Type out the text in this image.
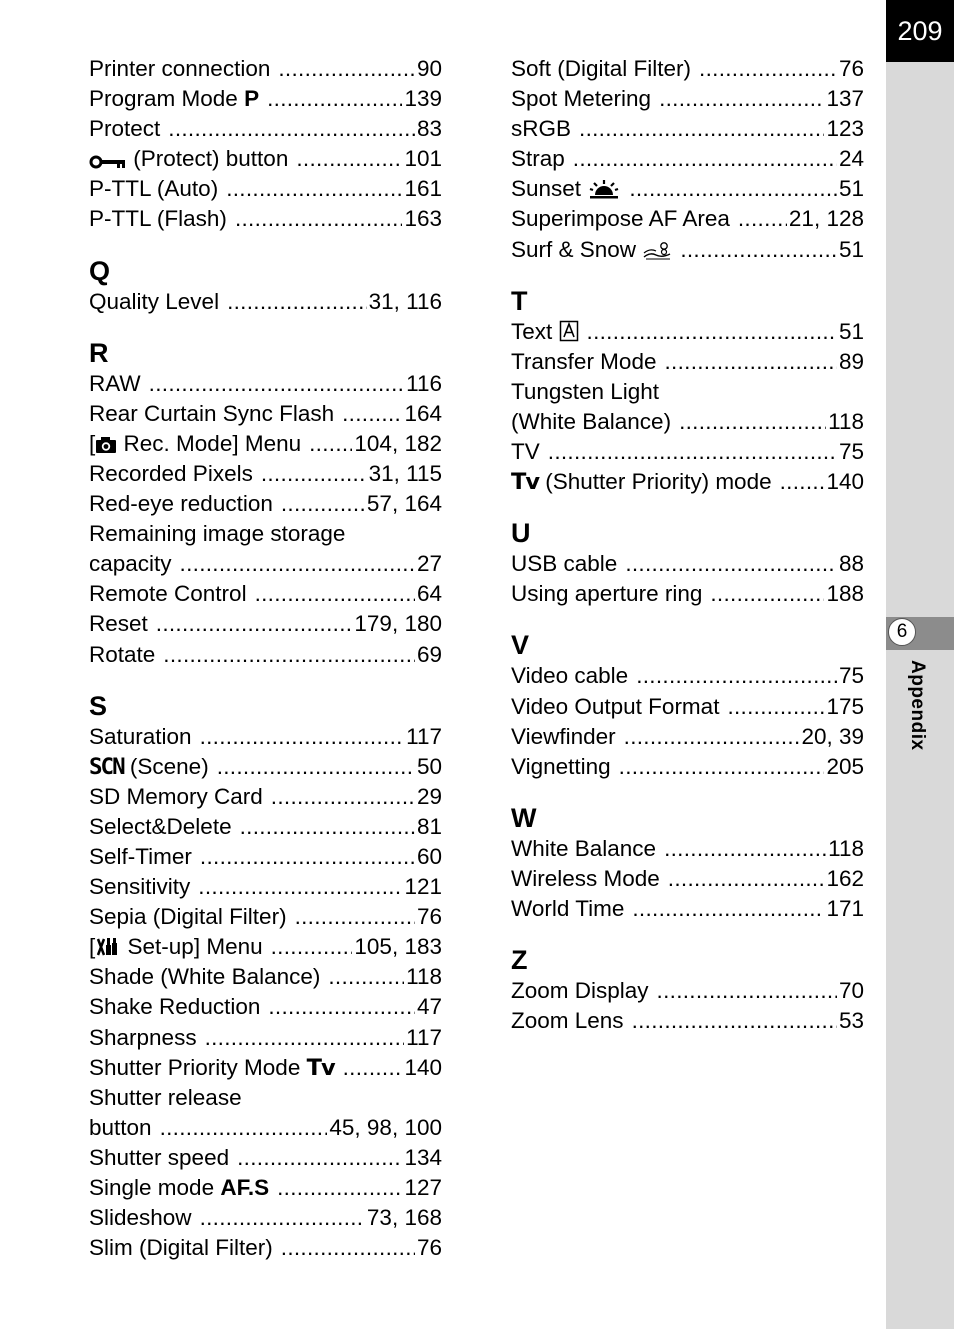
209
6
Appendix
Printer connection .....	90
Program Mode P .....	139
Protect .....	83
(Protect) button .....	101
P-TTL (Auto) .....	161
P-TTL (Flash) .....	163
Q
Quality Level .....	31, 116
R
RAW .....	116
Rear Curtain Sync Flash .....	164
[ Rec. Mode] Menu ..... 104, 182
Recorded Pixels .....	31, 115
Red-eye reduction .....	57, 164
Remaining image storage
capacity .....	27
Remote Control .....	64
Reset .....	179, 180
Rotate .....	69
S
Saturation .....	117
SCN (Scene) .....	50
SD Memory Card .....	29
Select&Delete .....	81
Self-Timer .....	60
Sensitivity .....	121
Sepia (Digital Filter) .....	76
[ Set-up] Menu .....	105, 183
Shade (White Balance) .....	118
Shake Reduction .....	47
Sharpness .....	117
Shutter Priority Mode Tv .....	140
Shutter release
button .....	45, 98, 100
Shutter speed .....	134
Single mode AF.S .....	127
Slideshow .....	73, 168
Slim (Digital Filter) .....	76
Soft (Digital Filter) .....	76
Spot Metering .....	137
sRGB .....	123
Strap .....	24
Sunset .....	51
Superimpose AF Area .....	21, 128
Surf & Snow .....	51
T
Text .....	51
Transfer Mode .....	89
Tungsten Light
(White Balance) .....	118
TV .....	75
Tv (Shutter Priority) mode ..... 140
U
USB cable .....	88
Using aperture ring .....	188
V
Video cable .....	75
Video Output Format .....	175
Viewfinder .....	20, 39
Vignetting .....	205
W
White Balance .....	118
Wireless Mode .....	162
World Time .....	171
Z
Zoom Display .....	70
Zoom Lens .....	53
